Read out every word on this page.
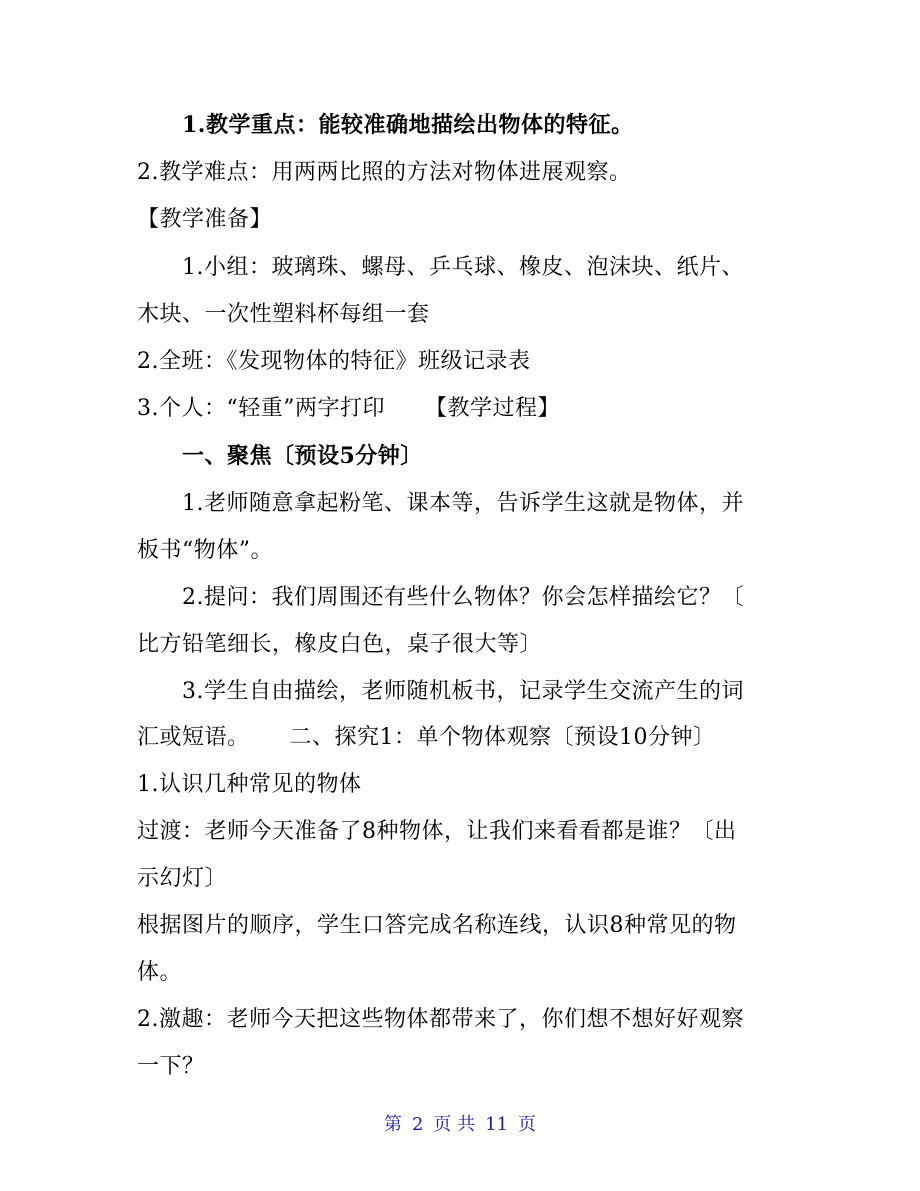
1.教学重点：能较准确地描绘出物体的特征。
2.教学难点：用两两比照的方法对物体进展观察。
【教学准备】
1.小组：玻璃珠、螺母、乒乓球、橡皮、泡沫块、纸片、
木块、一次性塑料杯每组一套
2.全班：《发现物体的特征》班级记录表
3.个人：“轻重”两字打印 【教学过程】
一、聚焦〔预设5分钟〕
1.老师随意拿起粉笔、课本等，告诉学生这就是物体，并
板书“物体”。
2.提问：我们周围还有些什么物体？你会怎样描绘它？〔
比方铅笔细长，橡皮白色，桌子很大等〕
3.学生自由描绘，老师随机板书，记录学生交流产生的词
汇或短语。 二、探究1：单个物体观察〔预设10分钟〕
1.认识几种常见的物体
过渡：老师今天准备了8种物体，让我们来看看都是谁？〔出
示幻灯〕
根据图片的顺序，学生口答完成名称连线，认识8种常见的物
体。
2.激趣：老师今天把这些物体都带来了，你们想不想好好观察
一下？
第 2 页 共 11 页
